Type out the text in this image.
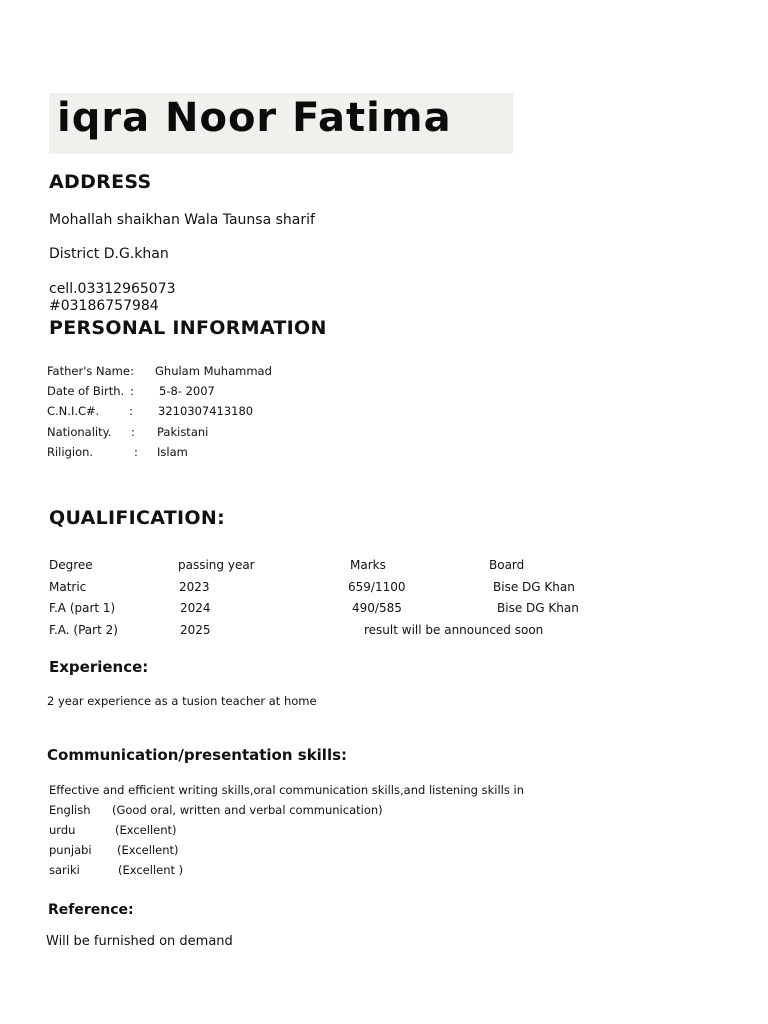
iqra Noor Fatima
ADDRESS
Mohallah shaikhan Wala Taunsa sharif
District D.G.khan
cell.03312965073
#03186757984
PERSONAL INFORMATION
Father's Name: Ghulam Muhammad
Date of Birth. : 5-8- 2007
C.N.I.C#.	: 3210307413180
Nationality. : Pakistani
Riligion.	: Islam
QUALIFICATION:
Degree	passing year	Marks	Board
Matric	2023	659/1100	Bise DG Khan
F.A (part 1)	2024	490/585	Bise DG Khan
F.A. (Part 2)	2025	result will be announced soon
Experience:
2 year experience as a tusion teacher at home
Communication/presentation skills:
Effective and efficient writing skills,oral communication skills,and listening skills in
English (Good oral, written and verbal communication)
urdu	(Excellent)
punjabi (Excellent)
sariki	(Excellent )
Reference:
Will be furnished on demand
